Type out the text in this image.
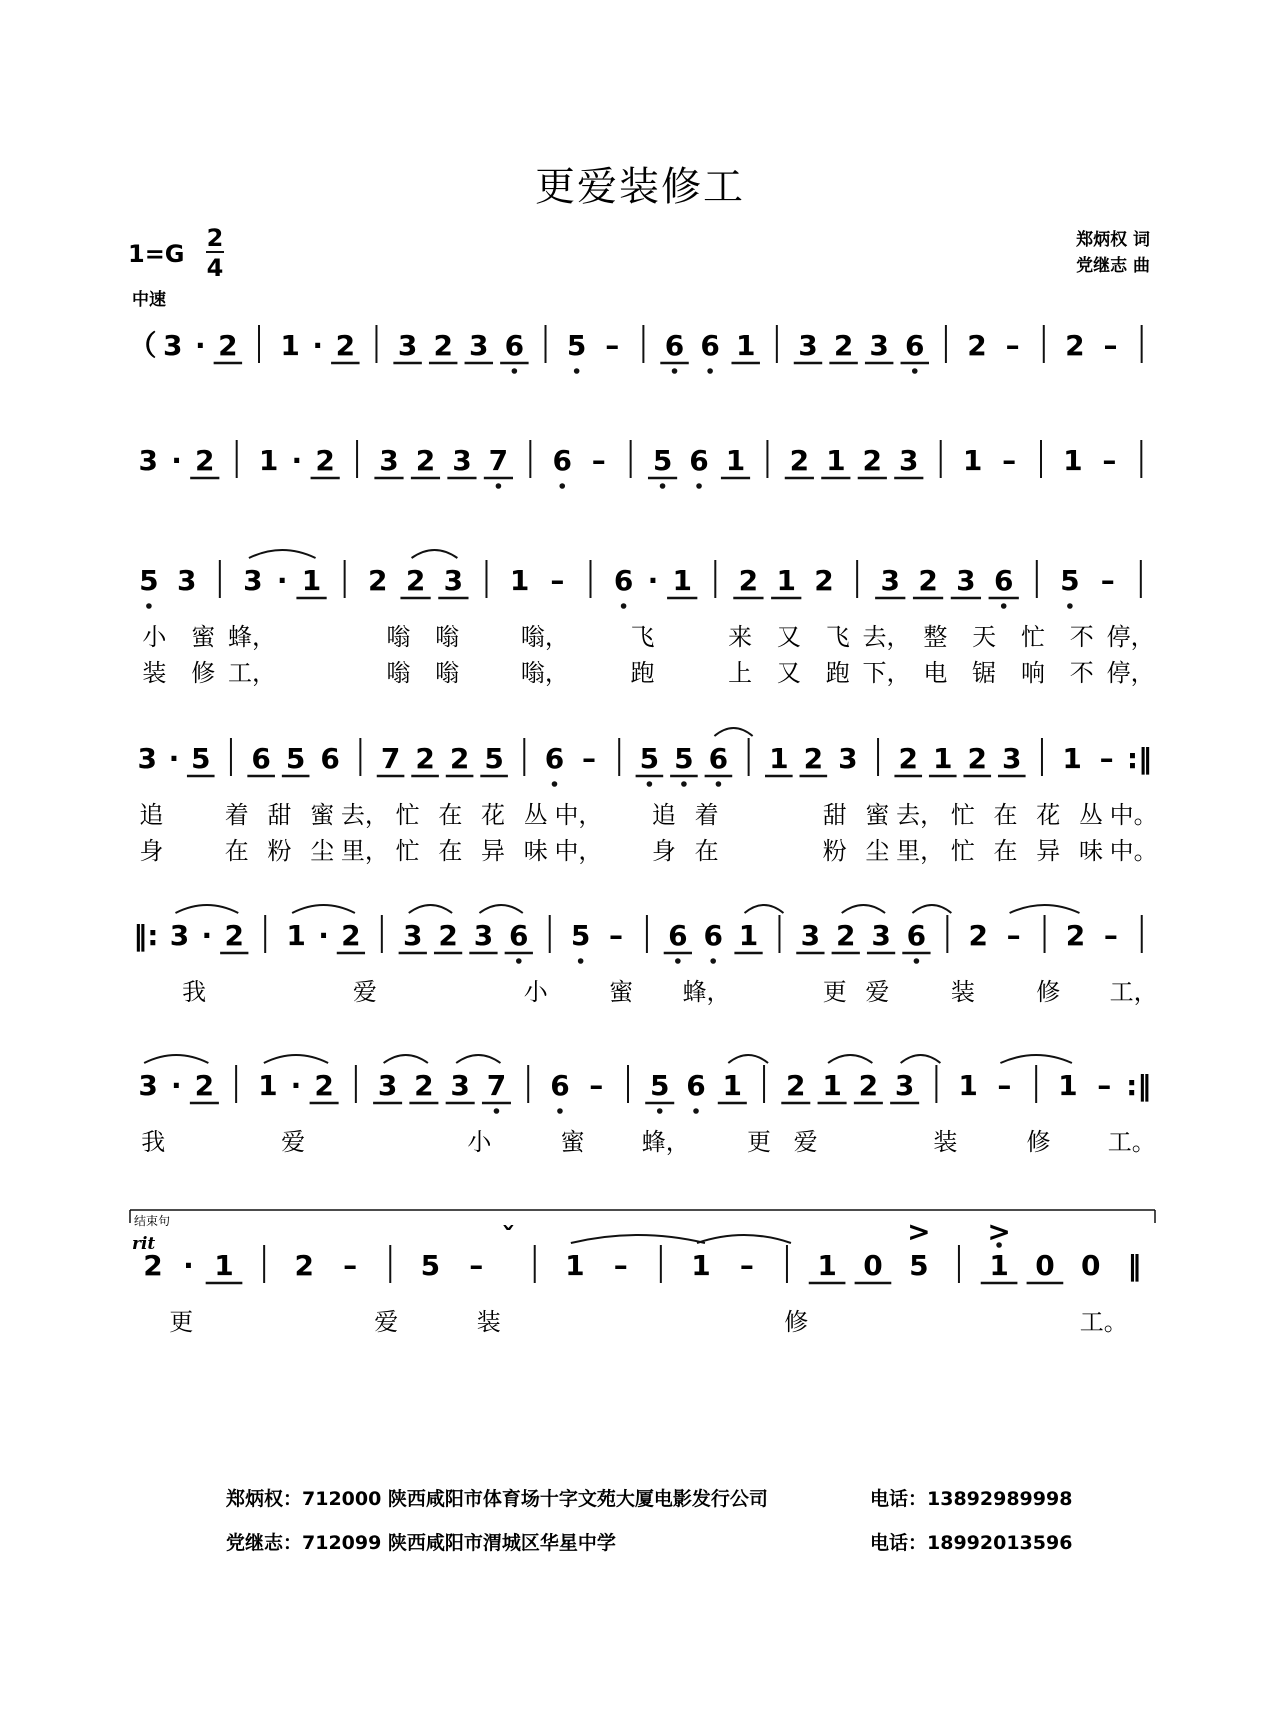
更爱装修工
郑炳权 词
党继志 曲
1=G
2
4
中速
（ 3 · 2 1 · 2 3 2 3 6 5 – 6 6 1 3 2 3 6 2 – 2 –
3 · 2 1 · 2 3 2 3 7 6 – 5 6 1 2 1 2 3 1 – 1 –
5 3 3 · 1 2 2 3 1 – 6 · 1 2 1 2 3 2 3 6 5 –
小 蜜 蜂，	嗡 嗡	嗡，	飞	来 又 飞 去， 整 天 忙 不 停，
装 修 工，	嗡 嗡	嗡，	跑	上 又 跑 下， 电 锯 响 不 停，
3 · 5 6 5 6 7 2 2 5 6 – 5 5 6 1 2 3 2 1 2 3 1 – :‖
追	着 甜 蜜 去， 忙 在 花 丛 中， 追 着	甜 蜜 去， 忙 在 花 丛 中。
身	在 粉 尘 里， 忙 在 异 味 中， 身 在	粉 尘 里， 忙 在 异 味 中。
‖: 3 · 2 1 · 2 3 2 3 6 5 – 6 6 1 3 2 3 6 2 – 2 –
我	爱	小	蜜 蜂，	更 爱	装	修 工，
3 · 2 1 · 2 3 2 3 7 6 – 5 6 1 2 1 2 3 1 – 1 – :‖
我	爱	小	蜜 蜂， 更 爱	装	修 工。
2 · 1 2 – 5 –
ˇ
1 – 1 – 1 0 5
>
1
>
0 0 ‖
更	爱	装	修	工。
结束句
rit
郑炳权：712000 陕西咸阳市体育场十字文苑大厦电影发行公司	电话：13892989998
党继志：712099 陕西咸阳市渭城区华星中学	电话：18992013596
